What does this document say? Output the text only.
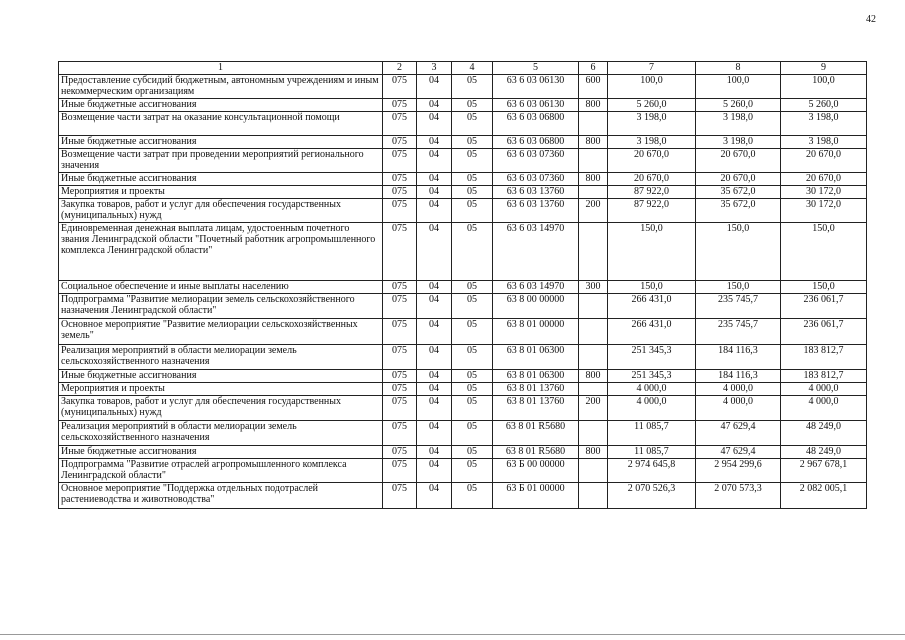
42
1	2	3	4	5	6	7	8	9
Предоставление субсидий бюджетным, автономным учреждениям и иным некоммерческим организациям	075	04	05	63 6 03 06130	600	100,0	100,0	100,0
Иные бюджетные ассигнования	075	04	05	63 6 03 06130	800	5 260,0	5 260,0	5 260,0
Возмещение части затрат на оказание консультационной помощи	075	04	05	63 6 03 06800		3 198,0	3 198,0	3 198,0
Иные бюджетные ассигнования	075	04	05	63 6 03 06800	800	3 198,0	3 198,0	3 198,0
Возмещение части затрат при проведении мероприятий регионального значения	075	04	05	63 6 03 07360		20 670,0	20 670,0	20 670,0
Иные бюджетные ассигнования	075	04	05	63 6 03 07360	800	20 670,0	20 670,0	20 670,0
Мероприятия и проекты	075	04	05	63 6 03 13760		87 922,0	35 672,0	30 172,0
Закупка товаров, работ и услуг для обеспечения государственных (муниципальных) нужд	075	04	05	63 6 03 13760	200	87 922,0	35 672,0	30 172,0
Единовременная денежная выплата лицам, удостоенным почетного звания Ленинградской области "Почетный работник агропромышленного комплекса Ленинградской области"	075	04	05	63 6 03 14970		150,0	150,0	150,0
Социальное обеспечение и иные выплаты населению	075	04	05	63 6 03 14970	300	150,0	150,0	150,0
Подпрограмма "Развитие мелиорации земель сельскохозяйственного назначения Ленинградской области"	075	04	05	63 8 00 00000		266 431,0	235 745,7	236 061,7
Основное мероприятие "Развитие мелиорации сельскохозяйственных земель"	075	04	05	63 8 01 00000		266 431,0	235 745,7	236 061,7
Реализация мероприятий в области мелиорации земель сельскохозяйственного назначения	075	04	05	63 8 01 06300		251 345,3	184 116,3	183 812,7
Иные бюджетные ассигнования	075	04	05	63 8 01 06300	800	251 345,3	184 116,3	183 812,7
Мероприятия и проекты	075	04	05	63 8 01 13760		4 000,0	4 000,0	4 000,0
Закупка товаров, работ и услуг для обеспечения государственных (муниципальных) нужд	075	04	05	63 8 01 13760	200	4 000,0	4 000,0	4 000,0
Реализация мероприятий в области мелиорации земель сельскохозяйственного назначения	075	04	05	63 8 01 R5680		11 085,7	47 629,4	48 249,0
Иные бюджетные ассигнования	075	04	05	63 8 01 R5680	800	11 085,7	47 629,4	48 249,0
Подпрограмма "Развитие отраслей агропромышленного комплекса Ленинградской области"	075	04	05	63 Б 00 00000		2 974 645,8	2 954 299,6	2 967 678,1
Основное мероприятие "Поддержка отдельных подотраслей растениеводства и животноводства"	075	04	05	63 Б 01 00000		2 070 526,3	2 070 573,3	2 082 005,1
